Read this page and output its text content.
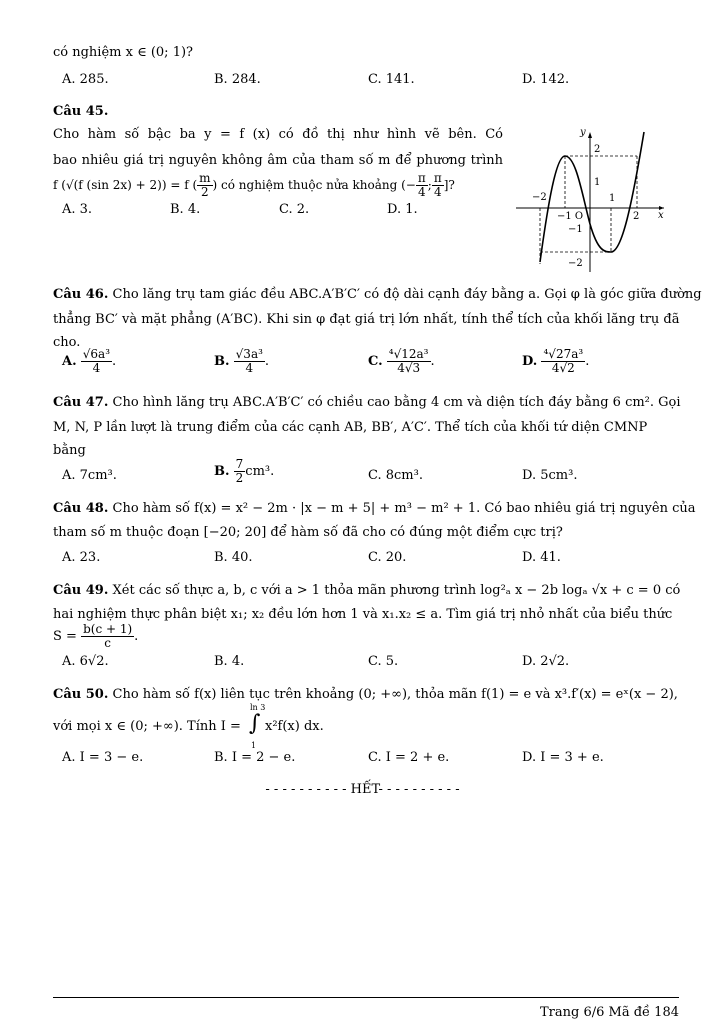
có nghiệm x ∈ (0; 1)?
A. 285.	B. 284.	C. 141.	D. 142.
Câu 45.
Cho hàm số bậc ba y = f (x) có đồ thị như hình vẽ bên. Có
bao nhiêu giá trị nguyên không âm của tham số m để phương trình
f (√(f (sin 2x) + 2)) = f ( $\frac{m}{2}$ ) có nghiệm thuộc nửa khoảng (− $\frac{\pi}{4}$ ; $\frac{\pi}{4}$ ]?
A. 3.	B. 4.	C. 2.	D. 1.
y
x
2
1
−2
−1 O
1
2
−1
−2
Câu 46. Cho lăng trụ tam giác đều ABC.A′B′C′ có độ dài cạnh đáy bằng a. Gọi φ là góc giữa đường
thẳng BC′ và mặt phẳng (A′BC). Khi sin φ đạt giá trị lớn nhất, tính thể tích của khối lăng trụ đã
cho.
A. $\frac{\text{√6a³}}{4}$ .	B. $\frac{\text{√3a³}}{4}$ .	C. $\frac{\text{⁴√12a³}}{4√3}$ .	D. $\frac{\text{⁴√27a³}}{4√2}$ .
Câu 47. Cho hình lăng trụ ABC.A′B′C′ có chiều cao bằng 4 cm và diện tích đáy bằng 6 cm². Gọi
M, N, P lần lượt là trung điểm của các cạnh AB, BB′, A′C′. Thể tích của khối tứ diện CMNP
bằng
A. 7cm³.	B. $\frac{7}{2} cm^3$.	C. 8cm³.	D. 5cm³.
Câu 48. Cho hàm số f(x) = x² − 2m · |x − m + 5| + m³ − m² + 1. Có bao nhiêu giá trị nguyên của
tham số m thuộc đoạn [−20; 20] để hàm số đã cho có đúng một điểm cực trị?
A. 23.	B. 40.	C. 20.	D. 41.
Câu 49. Xét các số thực a, b, c với a > 1 thỏa mãn phương trình log²ₐ x − 2b logₐ √x + c = 0 có
hai nghiệm thực phân biệt x₁; x₂ đều lớn hơn 1 và x₁.x₂ ≤ a. Tìm giá trị nhỏ nhất của biểu thức
$S = \frac{b(c + 1)}{c}$ .
A. 6√2.	B. 4.	C. 5.	D. 2√2.
Câu 50. Cho hàm số f(x) liên tục trên khoảng (0; +∞), thỏa mãn f(1) = e và x³.f′(x) = eˣ(x − 2),
với mọi x ∈ (0; +∞). Tính I =
ln 3
∫
1
x²f(x) dx.
A. I = 3 − e.	B. I = 2 − e.	C. I = 2 + e.	D. I = 3 + e.
- - - - - - - - - - HẾT- - - - - - - - - -
Trang 6/6 Mã đề 184
